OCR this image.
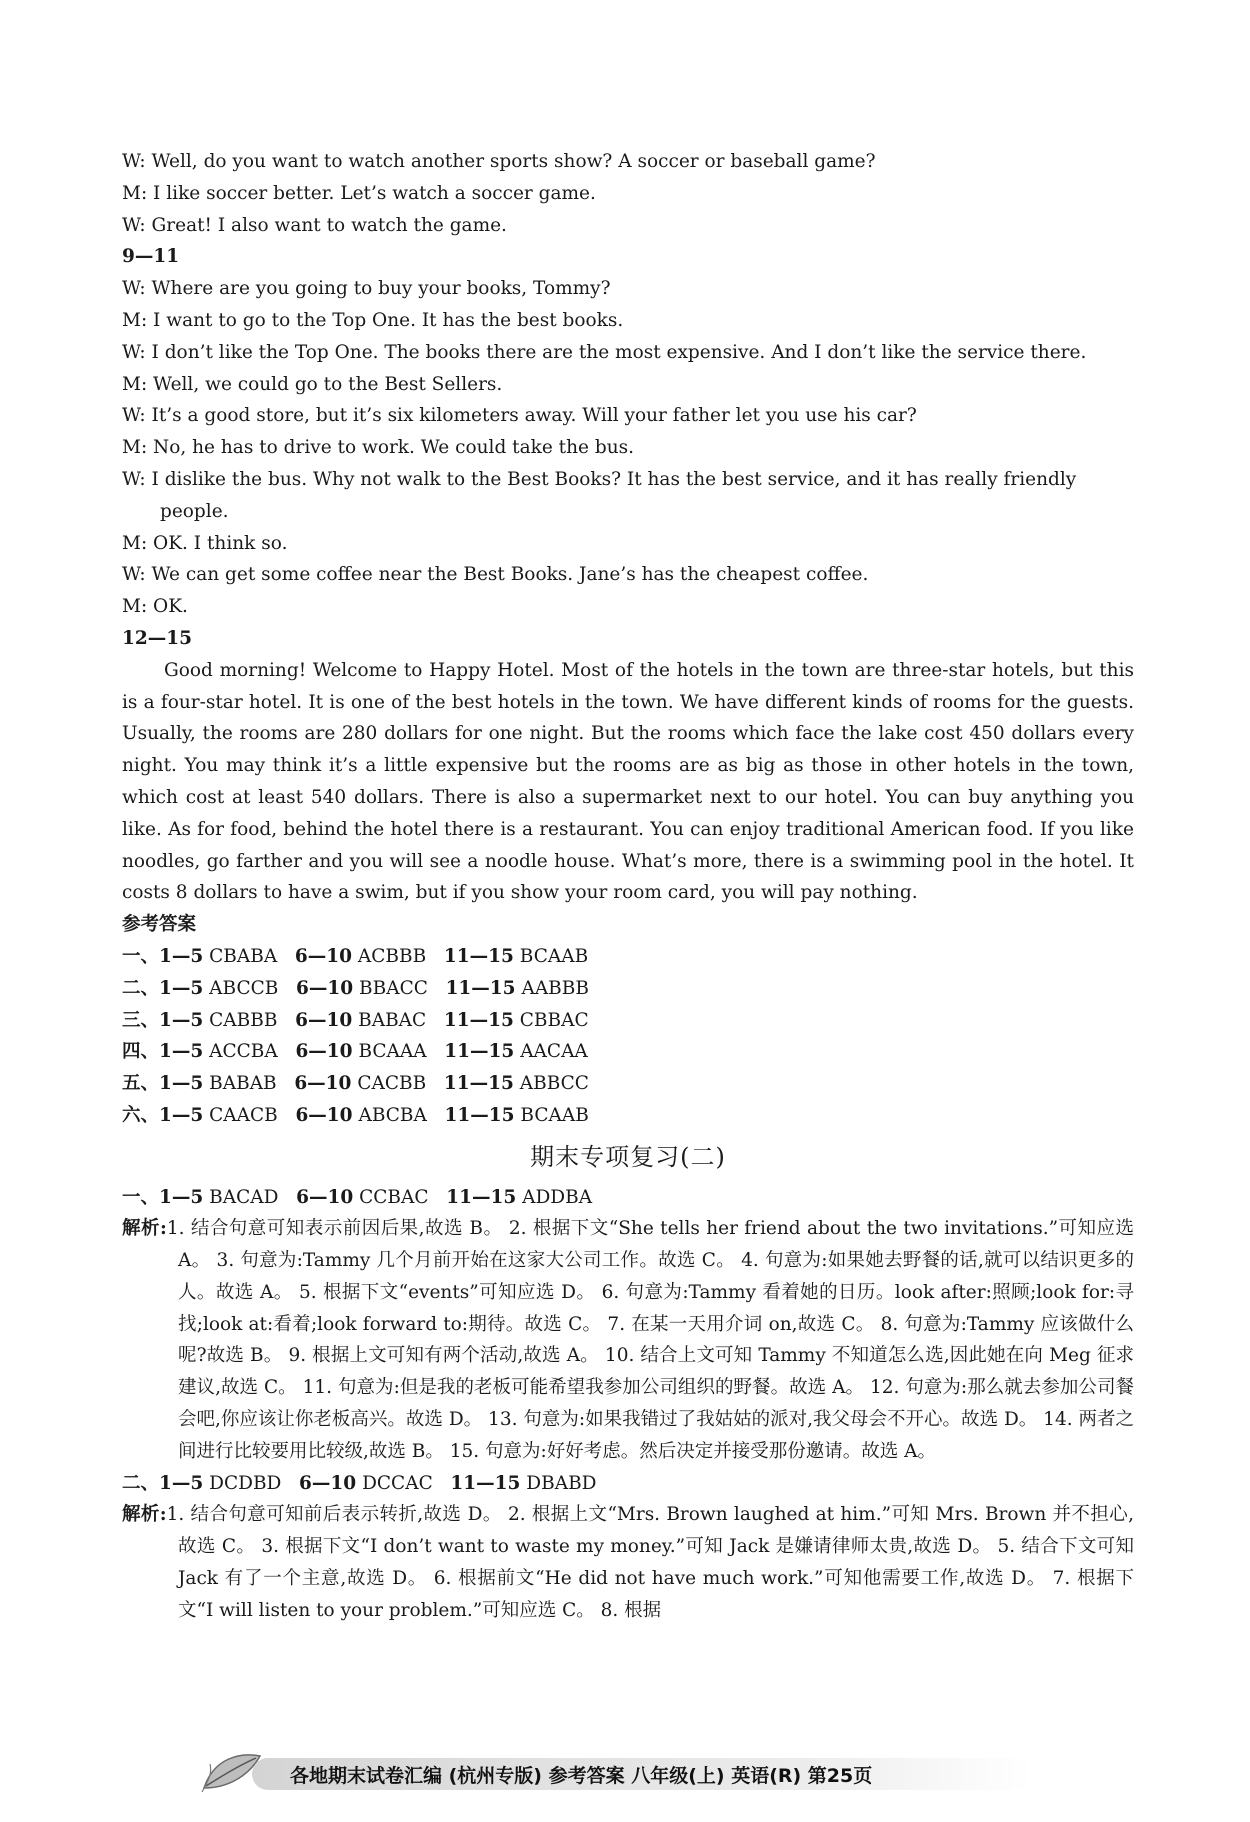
W: Well, do you want to watch another sports show? A soccer or baseball game?
M: I like soccer better. Let’s watch a soccer game.
W: Great! I also want to watch the game.
9—11
W: Where are you going to buy your books, Tommy?
M: I want to go to the Top One. It has the best books.
W: I don’t like the Top One. The books there are the most expensive. And I don’t like the service there.
M: Well, we could go to the Best Sellers.
W: It’s a good store, but it’s six kilometers away. Will your father let you use his car?
M: No, he has to drive to work. We could take the bus.
W: I dislike the bus. Why not walk to the Best Books? It has the best service, and it has really friendly people.
M: OK. I think so.
W: We can get some coffee near the Best Books. Jane’s has the cheapest coffee.
M: OK.
12—15
Good morning! Welcome to Happy Hotel. Most of the hotels in the town are three-star hotels, but this is a four-star hotel. It is one of the best hotels in the town. We have different kinds of rooms for the guests. Usually, the rooms are 280 dollars for one night. But the rooms which face the lake cost 450 dollars every night. You may think it’s a little expensive but the rooms are as big as those in other hotels in the town, which cost at least 540 dollars. There is also a supermarket next to our hotel. You can buy anything you like. As for food, behind the hotel there is a restaurant. You can enjoy traditional American food. If you like noodles, go farther and you will see a noodle house. What’s more, there is a swimming pool in the hotel. It costs 8 dollars to have a swim, but if you show your room card, you will pay nothing.
参考答案
一、1—5 CBABA 6—10 ACBBB 11—15 BCAAB
二、1—5 ABCCB 6—10 BBACC 11—15 AABBB
三、1—5 CABBB 6—10 BABAC 11—15 CBBAC
四、1—5 ACCBA 6—10 BCAAA 11—15 AACAA
五、1—5 BABAB 6—10 CACBB 11—15 ABBCC
六、1—5 CAACB 6—10 ABCBA 11—15 BCAAB
期末专项复习(二)
一、1—5 BACAD 6—10 CCBAC 11—15 ADDBA
解析:1. 结合句意可知表示前因后果,故选 B。 2. 根据下文“She tells her friend about the two invitations.”可知应选 A。 3. 句意为:Tammy 几个月前开始在这家大公司工作。故选 C。 4. 句意为:如果她去野餐的话,就可以结识更多的人。故选 A。 5. 根据下文“events”可知应选 D。 6. 句意为:Tammy 看着她的日历。look after:照顾;look for:寻找;look at:看着;look forward to:期待。故选 C。 7. 在某一天用介词 on,故选 C。 8. 句意为:Tammy 应该做什么呢?故选 B。 9. 根据上文可知有两个活动,故选 A。 10. 结合上文可知 Tammy 不知道怎么选,因此她在向 Meg 征求建议,故选 C。 11. 句意为:但是我的老板可能希望我参加公司组织的野餐。故选 A。 12. 句意为:那么就去参加公司餐会吧,你应该让你老板高兴。故选 D。 13. 句意为:如果我错过了我姑姑的派对,我父母会不开心。故选 D。 14. 两者之间进行比较要用比较级,故选 B。 15. 句意为:好好考虑。然后决定并接受那份邀请。故选 A。
二、1—5 DCDBD 6—10 DCCAC 11—15 DBABD
解析:1. 结合句意可知前后表示转折,故选 D。 2. 根据上文“Mrs. Brown laughed at him.”可知 Mrs. Brown 并不担心,故选 C。 3. 根据下文“I don’t want to waste my money.”可知 Jack 是嫌请律师太贵,故选 D。 5. 结合下文可知 Jack 有了一个主意,故选 D。 6. 根据前文“He did not have much work.”可知他需要工作,故选 D。 7. 根据下文“I will listen to your problem.”可知应选 C。 8. 根据
各地期末试卷汇编 (杭州专版) 参考答案 八年级(上) 英语(R) 第25页
